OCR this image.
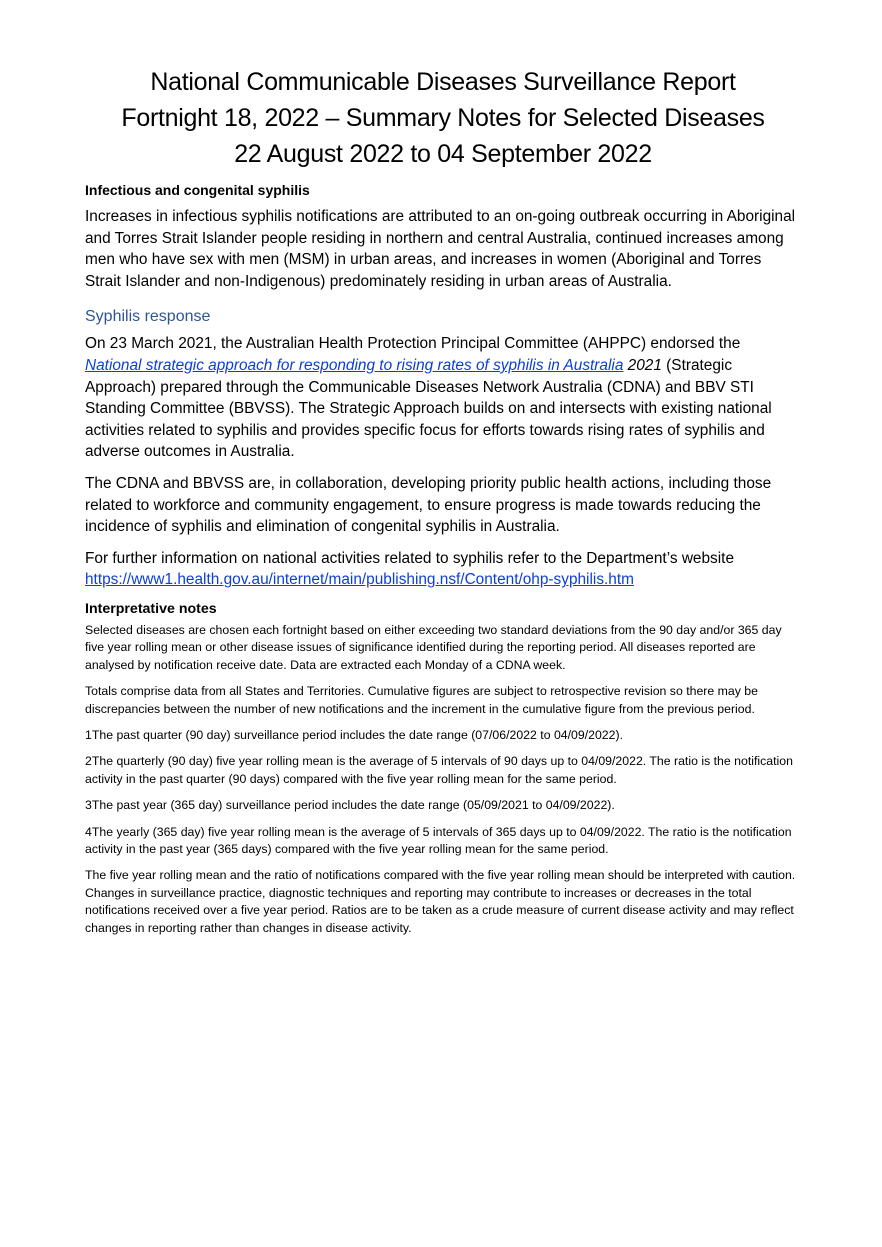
National Communicable Diseases Surveillance Report
Fortnight 18, 2022 – Summary Notes for Selected Diseases
22 August 2022 to 04 September 2022
Infectious and congenital syphilis

Increases in infectious syphilis notifications are attributed to an on-going outbreak occurring in Aboriginal and Torres Strait Islander people residing in northern and central Australia, continued increases among men who have sex with men (MSM) in urban areas, and increases in women (Aboriginal and Torres Strait Islander and non-Indigenous) predominately residing in urban areas of Australia.

Syphilis response

On 23 March 2021, the Australian Health Protection Principal Committee (AHPPC) endorsed the National strategic approach for responding to rising rates of syphilis in Australia 2021 (Strategic Approach) prepared through the Communicable Diseases Network Australia (CDNA) and BBV STI Standing Committee (BBVSS). The Strategic Approach builds on and intersects with existing national activities related to syphilis and provides specific focus for efforts towards rising rates of syphilis and adverse outcomes in Australia.

The CDNA and BBVSS are, in collaboration, developing priority public health actions, including those related to workforce and community engagement, to ensure progress is made towards reducing the incidence of syphilis and elimination of congenital syphilis in Australia.

For further information on national activities related to syphilis refer to the Department’s website
https://www1.health.gov.au/internet/main/publishing.nsf/Content/ohp-syphilis.htm

Interpretative notes

Selected diseases are chosen each fortnight based on either exceeding two standard deviations from the 90 day and/or 365 day five year rolling mean or other disease issues of significance identified during the reporting period. All diseases reported are analysed by notification receive date. Data are extracted each Monday of a CDNA week.

Totals comprise data from all States and Territories. Cumulative figures are subject to retrospective revision so there may be discrepancies between the number of new notifications and the increment in the cumulative figure from the previous period.

1The past quarter (90 day) surveillance period includes the date range (07/06/2022 to 04/09/2022).

2The quarterly (90 day) five year rolling mean is the average of 5 intervals of 90 days up to 04/09/2022. The ratio is the notification activity in the past quarter (90 days) compared with the five year rolling mean for the same period.

3The past year (365 day) surveillance period includes the date range (05/09/2021 to 04/09/2022).

4The yearly (365 day) five year rolling mean is the average of 5 intervals of 365 days up to 04/09/2022. The ratio is the notification activity in the past year (365 days) compared with the five year rolling mean for the same period.

The five year rolling mean and the ratio of notifications compared with the five year rolling mean should be interpreted with caution. Changes in surveillance practice, diagnostic techniques and reporting may contribute to increases or decreases in the total notifications received over a five year period. Ratios are to be taken as a crude measure of current disease activity and may reflect changes in reporting rather than changes in disease activity.
